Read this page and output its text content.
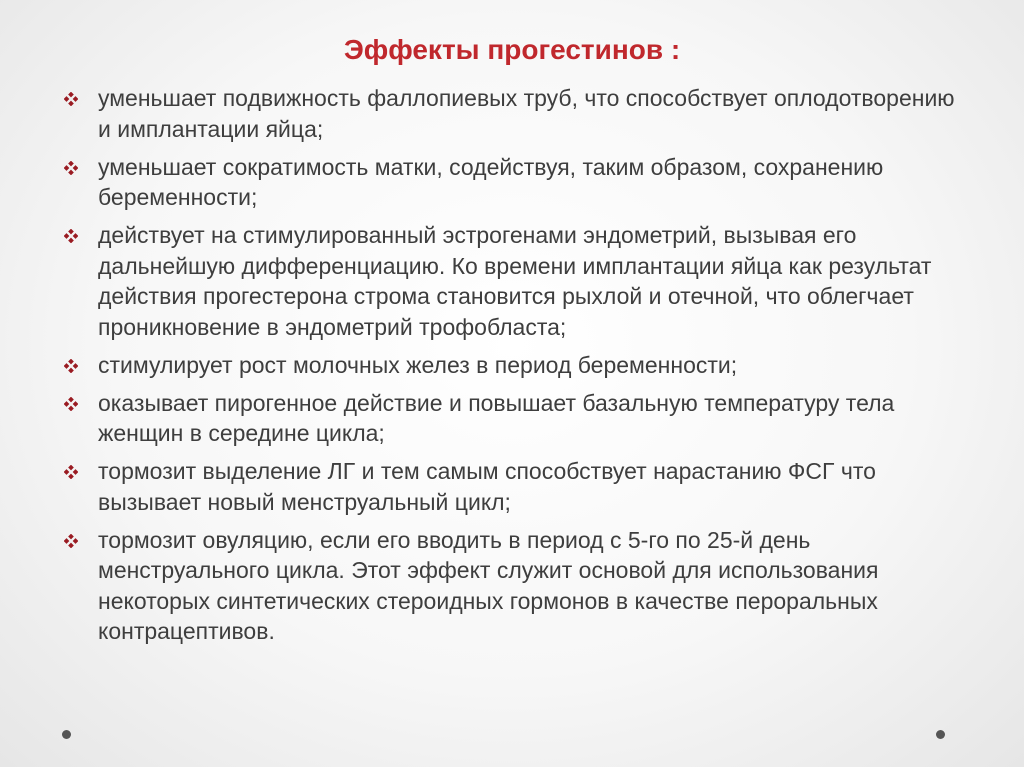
Эффекты прогестинов :
уменьшает подвижность фаллопиевых труб, что способствует оплодотворению и имплантации яйца;
уменьшает сократимость матки, содействуя, таким образом, сохранению беременности;
действует на стимулированный эстрогенами эндометрий, вызывая его дальнейшую дифференциацию. Ко времени имплантации яйца как результат действия прогестерона строма становится рыхлой и отечной, что облегчает проникновение в эндометрий трофобласта;
стимулирует рост молочных желез в период беременности;
оказывает пирогенное действие и повышает базальную температуру тела женщин в середине цикла;
тормозит выделение ЛГ и тем самым способствует нарастанию ФСГ что вызывает новый менструальный цикл;
тормозит овуляцию, если его вводить в период с 5-го по 25-й день менструального цикла. Этот эффект служит основой для использования некоторых синтетических стероидных гормонов в качестве пероральных контрацептивов.
